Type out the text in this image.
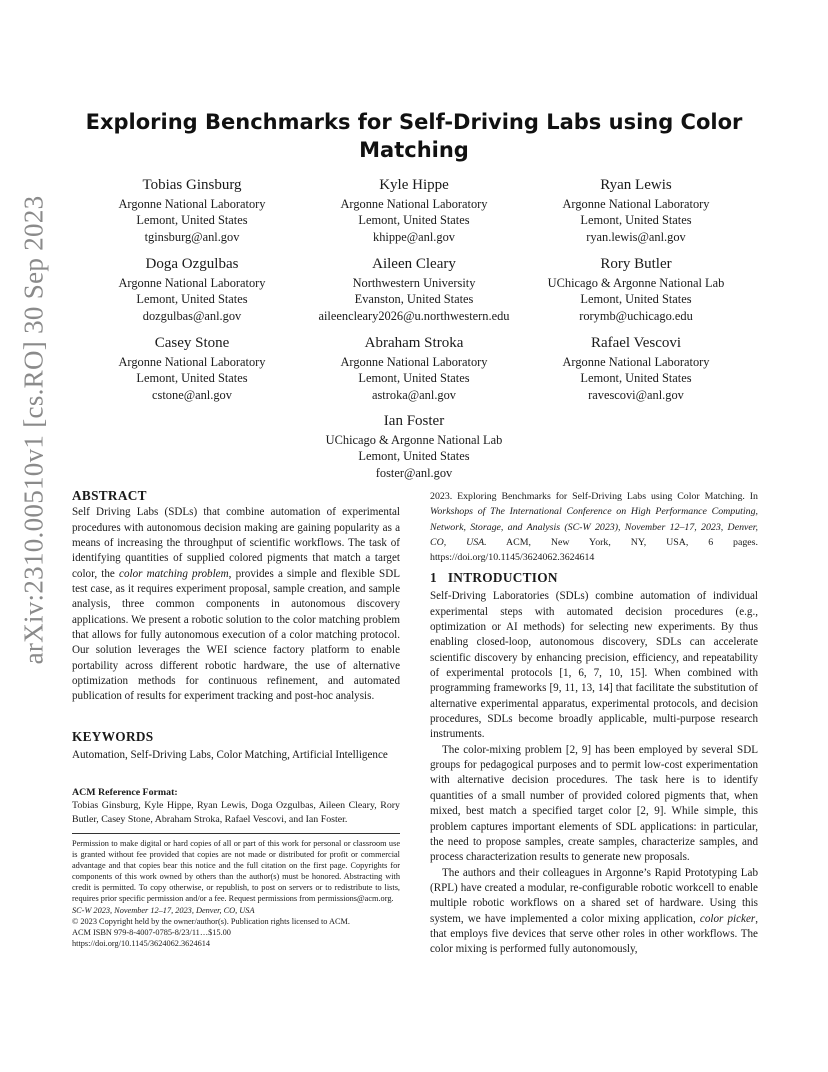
arXiv:2310.00510v1 [cs.RO] 30 Sep 2023
Exploring Benchmarks for Self-Driving Labs using Color Matching
Tobias Ginsburg
Argonne National Laboratory
Lemont, United States
tginsburg@anl.gov
Kyle Hippe
Argonne National Laboratory
Lemont, United States
khippe@anl.gov
Ryan Lewis
Argonne National Laboratory
Lemont, United States
ryan.lewis@anl.gov
Doga Ozgulbas
Argonne National Laboratory
Lemont, United States
dozgulbas@anl.gov
Aileen Cleary
Northwestern University
Evanston, United States
aileencleary2026@u.northwestern.edu
Rory Butler
UChicago & Argonne National Lab
Lemont, United States
rorymb@uchicago.edu
Casey Stone
Argonne National Laboratory
Lemont, United States
cstone@anl.gov
Abraham Stroka
Argonne National Laboratory
Lemont, United States
astroka@anl.gov
Rafael Vescovi
Argonne National Laboratory
Lemont, United States
ravescovi@anl.gov
Ian Foster
UChicago & Argonne National Lab
Lemont, United States
foster@anl.gov
ABSTRACT

Self Driving Labs (SDLs) that combine automation of experimental procedures with autonomous decision making are gaining popularity as a means of increasing the throughput of scientific workflows. The task of identifying quantities of supplied colored pigments that match a target color, the color matching problem, provides a simple and flexible SDL test case, as it requires experiment proposal, sample creation, and sample analysis, three common components in autonomous discovery applications. We present a robotic solution to the color matching problem that allows for fully autonomous execution of a color matching protocol. Our solution leverages the WEI science factory platform to enable portability across different robotic hardware, the use of alternative optimization methods for continuous refinement, and automated publication of results for experiment tracking and post-hoc analysis.

KEYWORDS

Automation, Self-Driving Labs, Color Matching, Artificial Intelligence

ACM Reference Format:

Tobias Ginsburg, Kyle Hippe, Ryan Lewis, Doga Ozgulbas, Aileen Cleary, Rory Butler, Casey Stone, Abraham Stroka, Rafael Vescovi, and Ian Foster.

Permission to make digital or hard copies of all or part of this work for personal or classroom use is granted without fee provided that copies are not made or distributed for profit or commercial advantage and that copies bear this notice and the full citation on the first page. Copyrights for components of this work owned by others than the author(s) must be honored. Abstracting with credit is permitted. To copy otherwise, or republish, to post on servers or to redistribute to lists, requires prior specific permission and/or a fee. Request permissions from permissions@acm.org.

SC-W 2023, November 12–17, 2023, Denver, CO, USA
© 2023 Copyright held by the owner/author(s). Publication rights licensed to ACM.
ACM ISBN 979-8-4007-0785-8/23/11…$15.00
https://doi.org/10.1145/3624062.3624614

2023. Exploring Benchmarks for Self-Driving Labs using Color Matching. In Workshops of The International Conference on High Performance Computing, Network, Storage, and Analysis (SC-W 2023), November 12–17, 2023, Denver, CO, USA. ACM, New York, NY, USA, 6 pages. https://doi.org/10.1145/3624062.3624614

1   INTRODUCTION

Self-Driving Laboratories (SDLs) combine automation of individual experimental steps with automated decision procedures (e.g., optimization or AI methods) for selecting new experiments. By thus enabling closed-loop, autonomous discovery, SDLs can accelerate scientific discovery by enhancing precision, efficiency, and repeatability of experimental protocols [1, 6, 7, 10, 15]. When combined with programming frameworks [9, 11, 13, 14] that facilitate the substitution of alternative experimental apparatus, experimental protocols, and decision procedures, SDLs become broadly applicable, multi-purpose research instruments.

The color-mixing problem [2, 9] has been employed by several SDL groups for pedagogical purposes and to permit low-cost experimentation with alternative decision procedures. The task here is to identify quantities of a small number of provided colored pigments that, when mixed, best match a specified target color [2, 9]. While simple, this problem captures important elements of SDL applications: in particular, the need to propose samples, create samples, characterize samples, and process characterization results to generate new proposals.

The authors and their colleagues in Argonne’s Rapid Prototyping Lab (RPL) have created a modular, re-configurable robotic workcell to enable multiple robotic workflows on a shared set of hardware. Using this system, we have implemented a color mixing application, color picker, that employs five devices that serve other roles in other workflows. The color mixing is performed fully autonomously,
